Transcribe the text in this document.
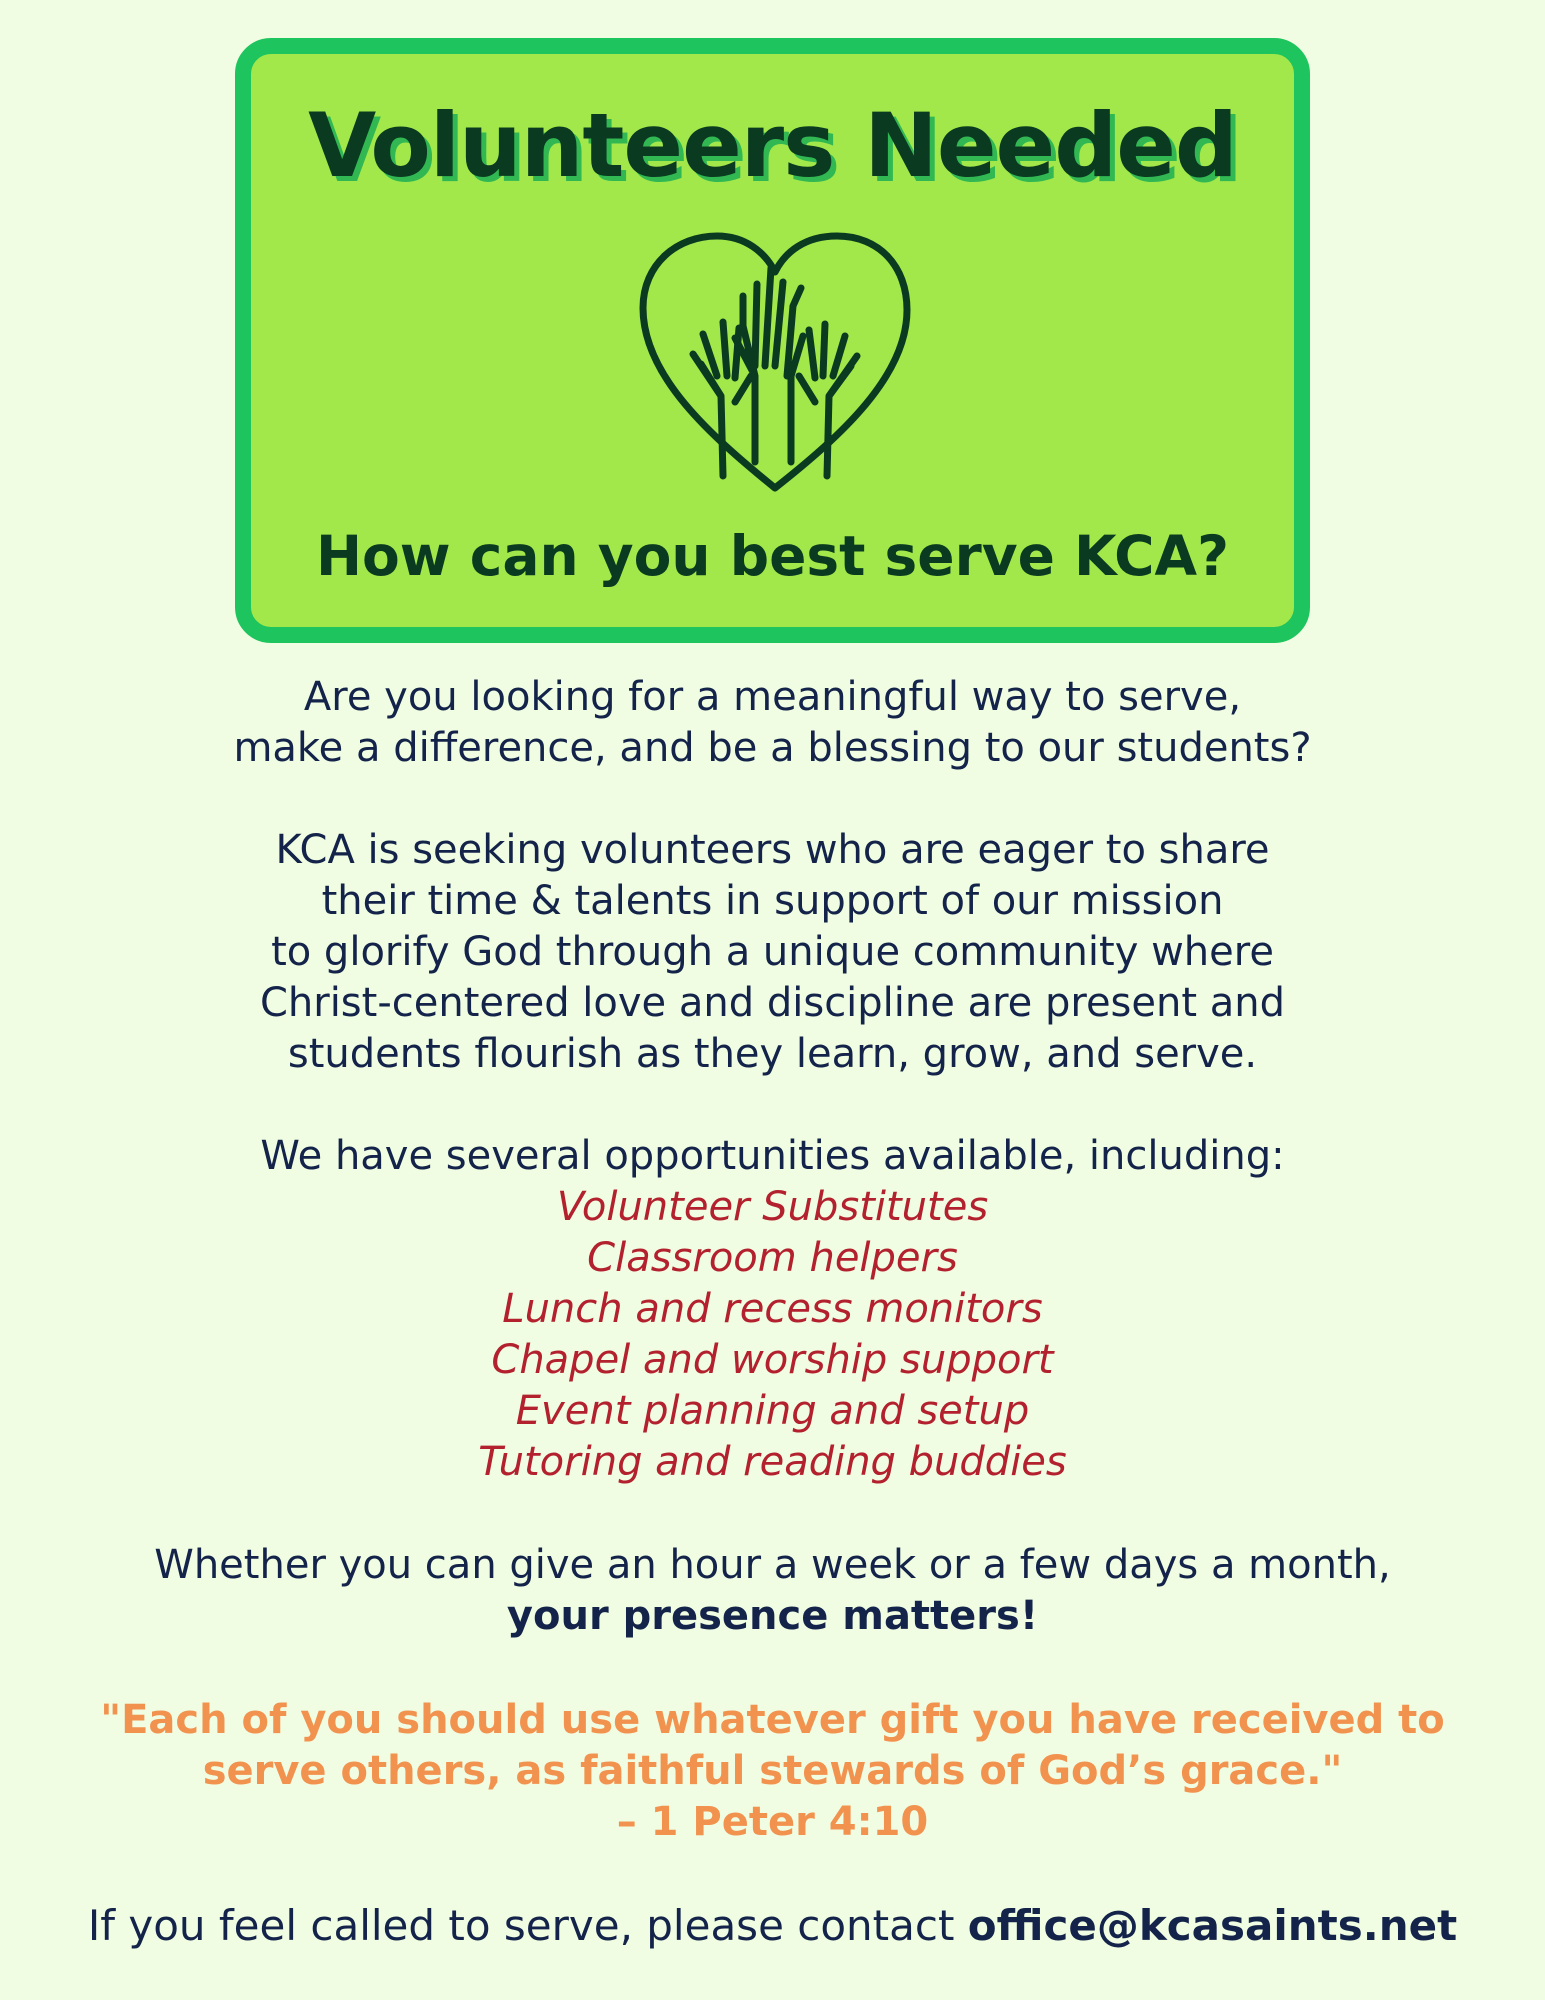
Volunteers Needed
How can you best serve KCA?
Are you looking for a meaningful way to serve,
make a difference, and be a blessing to our students?
KCA is seeking volunteers who are eager to share
their time & talents in support of our mission
to glorify God through a unique community where
Christ-centered love and discipline are present and
students flourish as they learn, grow, and serve.
We have several opportunities available, including:
Volunteer Substitutes
Classroom helpers
Lunch and recess monitors
Chapel and worship support
Event planning and setup
Tutoring and reading buddies
Whether you can give an hour a week or a few days a month,
your presence matters!
"Each of you should use whatever gift you have received to
serve others, as faithful stewards of God’s grace."
– 1 Peter 4:10
If you feel called to serve, please contact office@kcasaints.net
